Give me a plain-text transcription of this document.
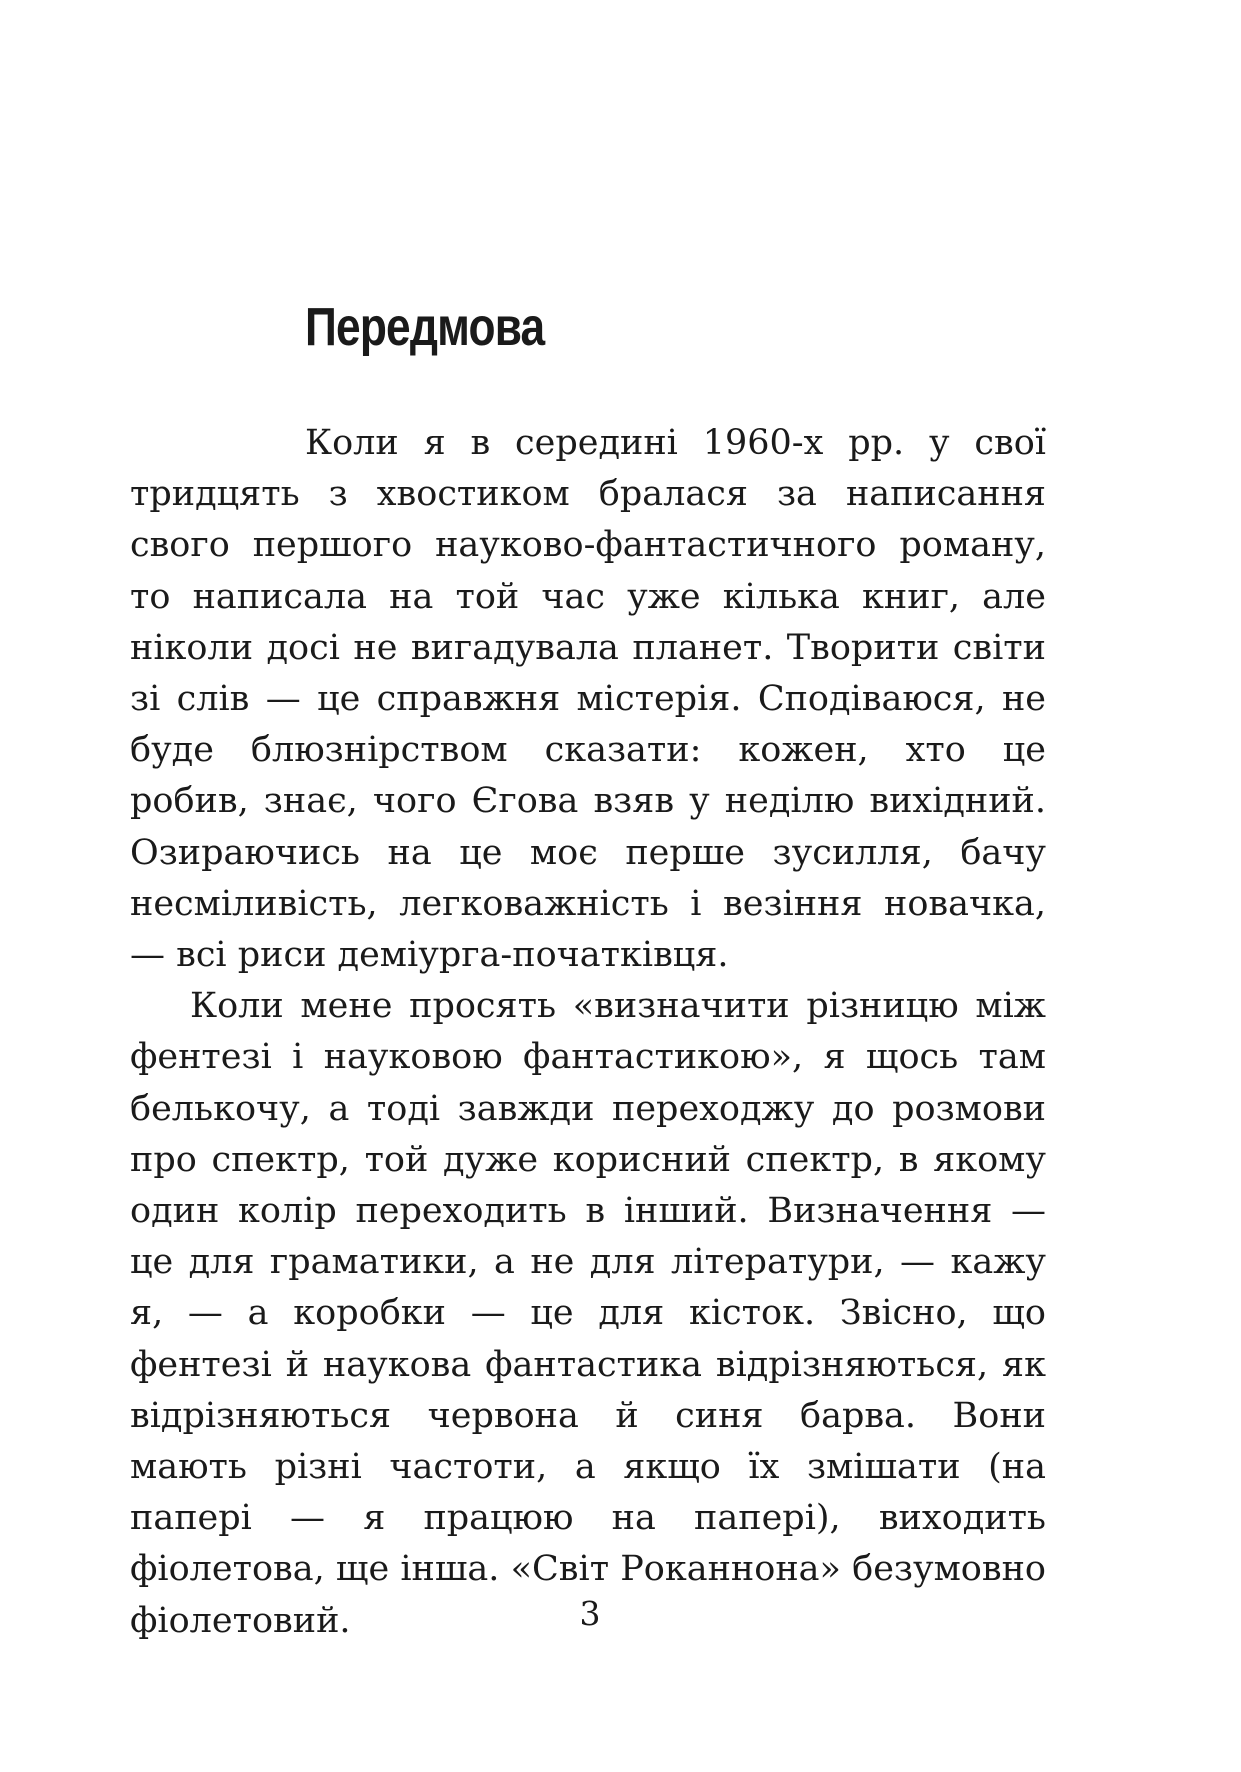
Передмова

Коли я в середині 1960-х рр. у свої тридцять з хвостиком бралася за написання свого першого науково-фантастичного роману, то написала на той час уже кілька книг, але ніколи досі не вигадувала планет. Творити світи зі слів — це справжня містерія. Сподіваюся, не буде блюзнірством сказати: кожен, хто це робив, знає, чого Єгова взяв у неділю вихідний. Озираючись на це моє перше зусилля, бачу несміливість, легковажність і везіння новачка, — всі риси деміурга-початківця.

Коли мене просять «визначити різницю між фентезі і науковою фантастикою», я щось там белькочу, а тоді завжди переходжу до розмови про спектр, той дуже корисний спектр, в якому один колір переходить в інший. Визначення — це для граматики, а не для літератури, — кажу я, — а коробки — це для кісток. Звісно, що фентезі й наукова фантастика відрізняються, як відрізняються червона й синя барва. Вони мають різні частоти, а якщо їх змішати (на папері — я працюю на папері), виходить фіолетова, ще інша. «Світ Роканнона» безумовно фіолетовий.	3
